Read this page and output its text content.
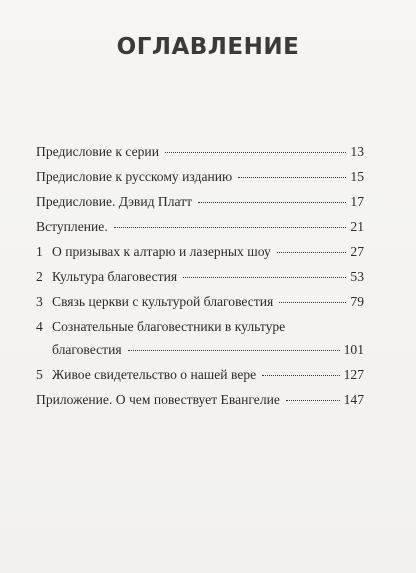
ОГЛАВЛЕНИЕ
Предисловие к серии	13
Предисловие к русскому изданию	15
Предисловие. Дэвид Платт	17
Вступление.	21
1 О призывах к алтарю и лазерных шоу	27
2 Культура благовестия	53
3 Связь церкви с культурой благовестия	79
4 Сознательные благовестники в культуре
благовестия	101
5 Живое свидетельство о нашей вере	127
Приложение. О чем повествует Евангелие	147
